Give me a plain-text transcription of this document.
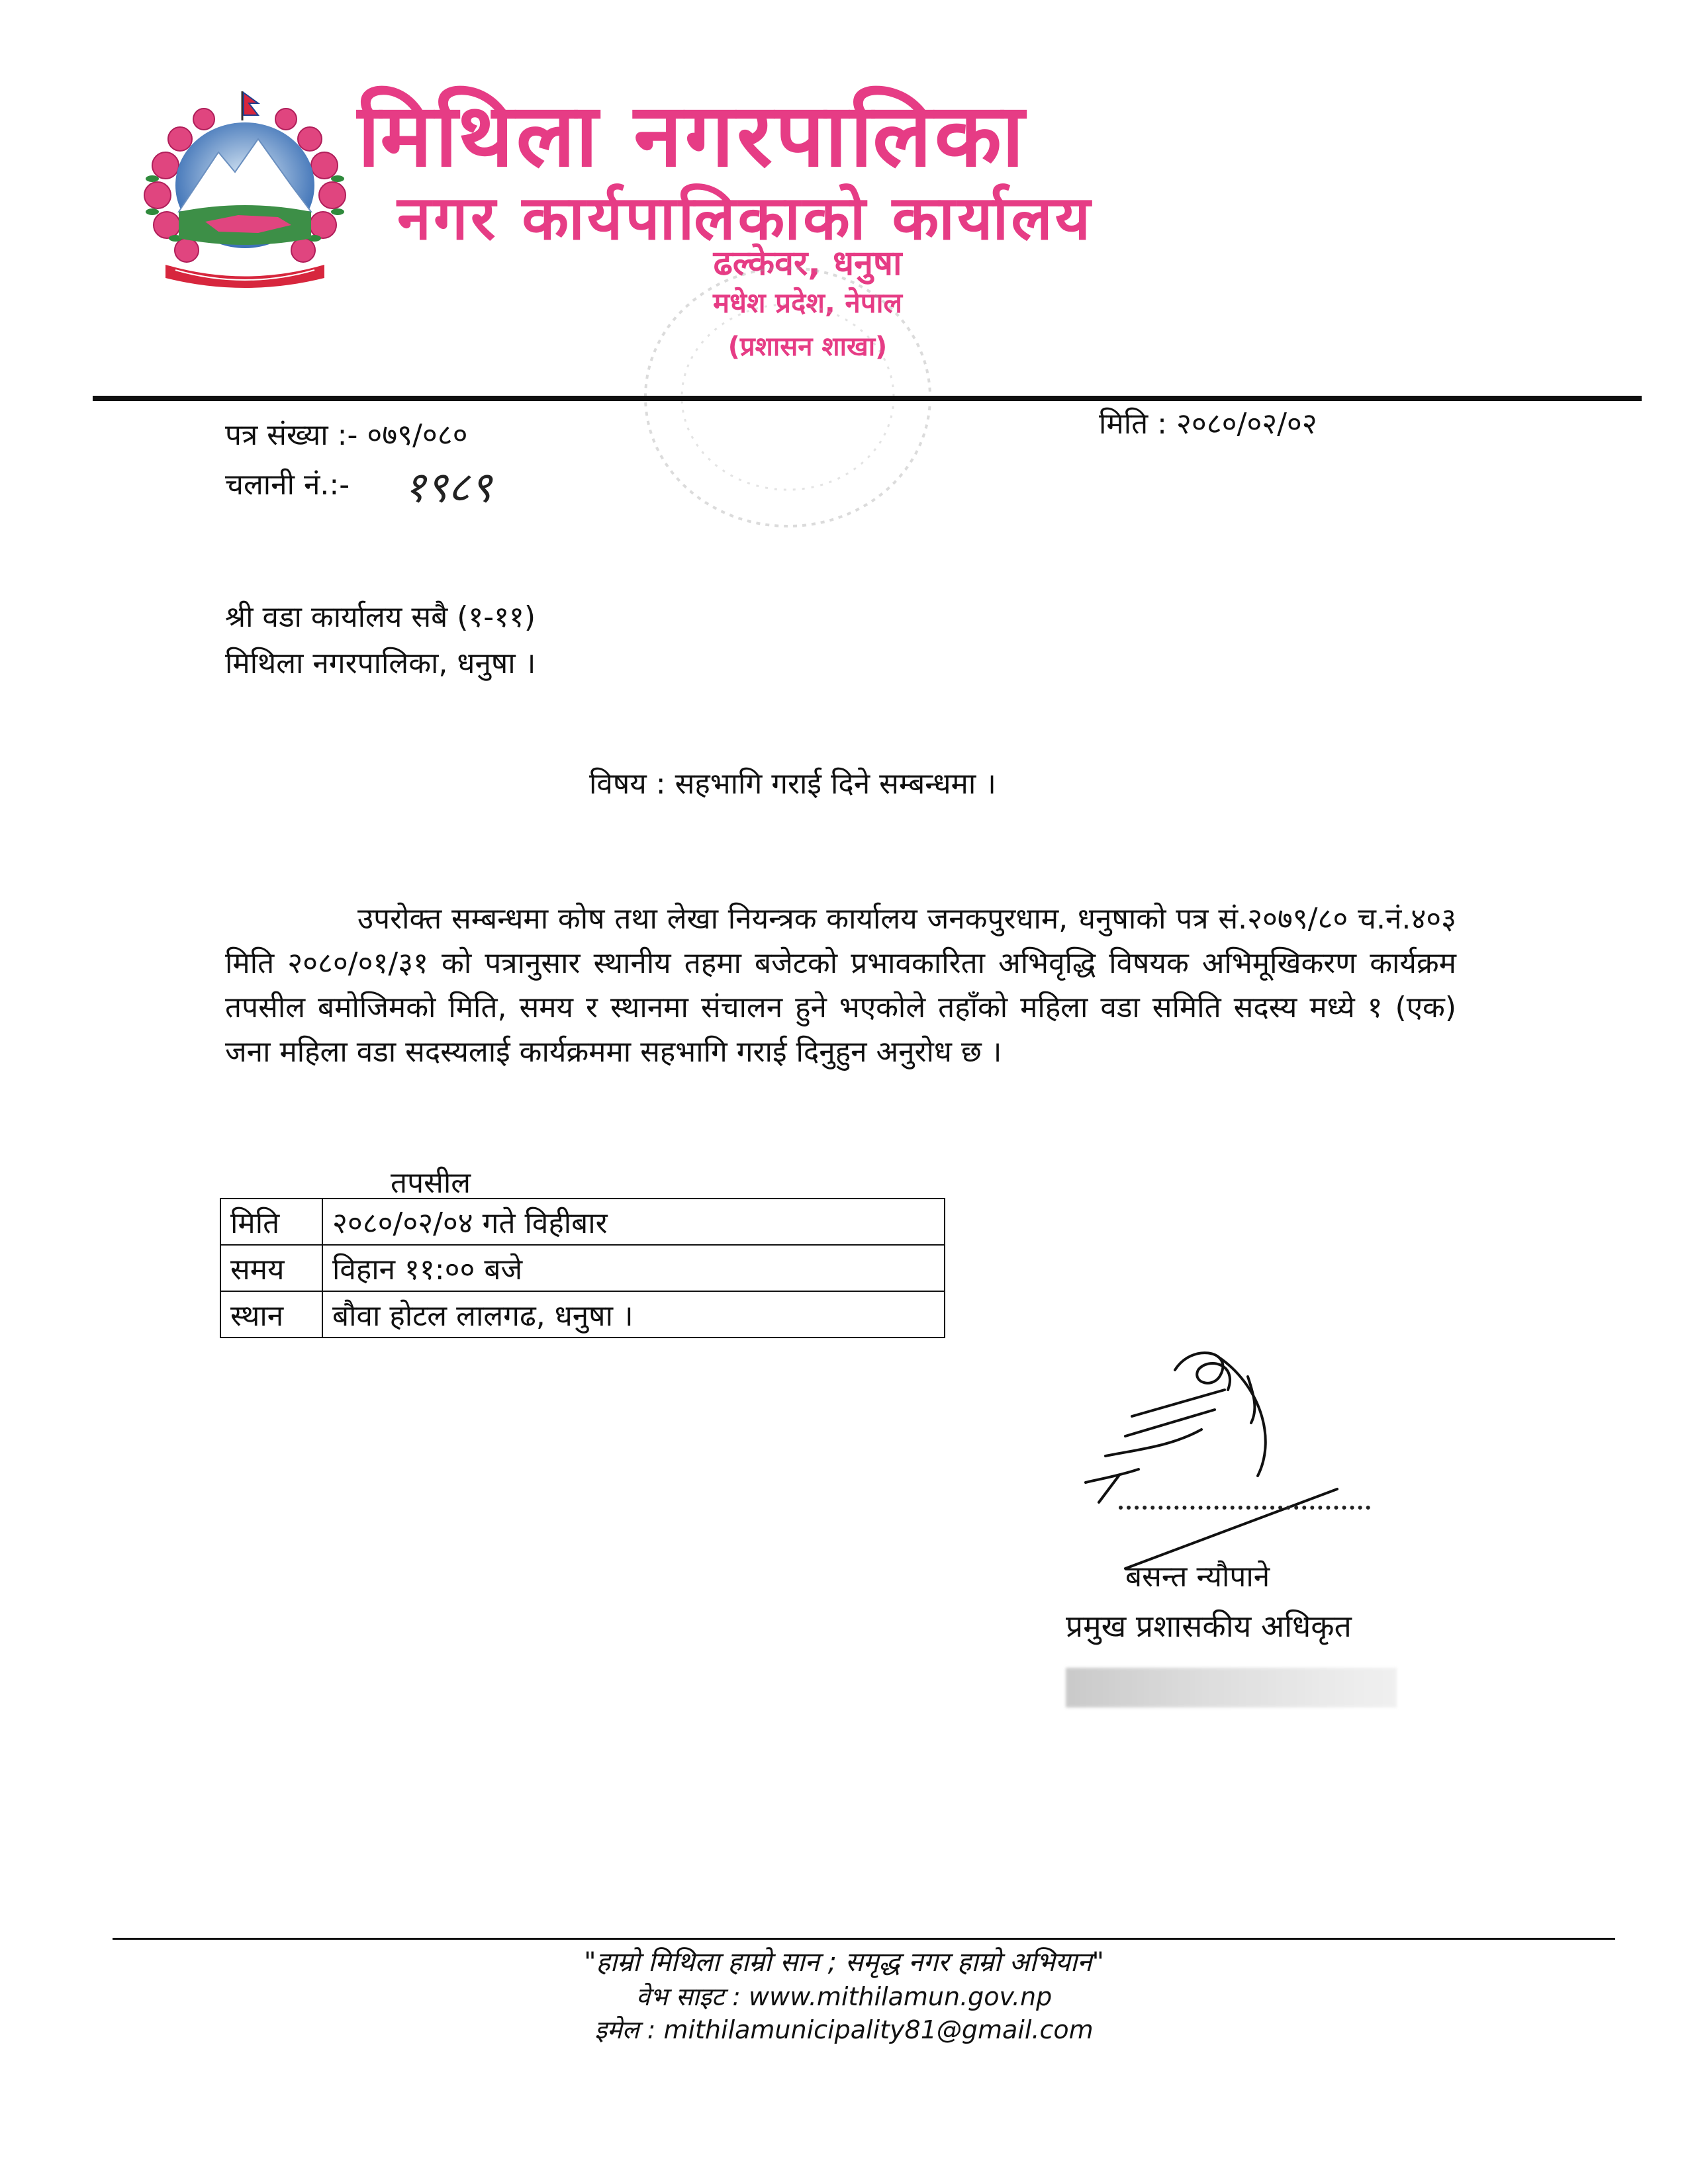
मिथिला नगरपालिका
नगर कार्यपालिकाको कार्यालय
ढल्केवर, धनुषा
मधेश प्रदेश, नेपाल
(प्रशासन शाखा)
पत्र संख्या :- ०७९/०८०
चलानी नं.:- १९८९
मिति : २०८०/०२/०२
श्री वडा कार्यालय सबै (१-११)
मिथिला नगरपालिका, धनुषा ।
विषय : सहभागि गराई दिने सम्बन्धमा ।
उपरोक्त सम्बन्धमा कोष तथा लेखा नियन्त्रक कार्यालय जनकपुरधाम, धनुषाको पत्र सं.२०७९/८० च.नं.४०३ मिति २०८०/०१/३१ को पत्रानुसार स्थानीय तहमा बजेटको प्रभावकारिता अभिवृद्धि विषयक अभिमूखिकरण कार्यक्रम तपसील बमोजिमको मिति, समय र स्थानमा संचालन हुने भएकोले तहाँको महिला वडा समिति सदस्य मध्ये १ (एक) जना महिला वडा सदस्यलाई कार्यक्रममा सहभागि गराई दिनुहुन अनुरोध छ ।
तपसील
मिति	२०८०/०२/०४ गते विहीबार
समय	विहान ११:०० बजे
स्थान	बौवा होटल लालगढ, धनुषा ।
बसन्त न्यौपाने
प्रमुख प्रशासकीय अधिकृत
"हाम्रो मिथिला हाम्रो सान ; समृद्ध नगर हाम्रो अभियान"
वेभ साइट : www.mithilamun.gov.np
इमेल : mithilamunicipality81@gmail.com
